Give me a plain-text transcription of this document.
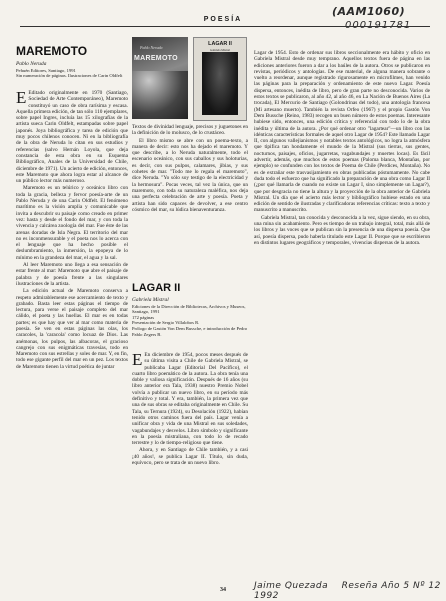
(AAM1060)
POESÍA
MAREMOTO
Pablo Neruda
Pehuén Editores, Santiago, 1991
Sin numeración de páginas. Ilustraciones de Carin Oldfelt
Pablo Neruda
MAREMOTO
LAGAR II
Gabriela Mistral

E Editado originalmente en 1970 (Santiago, Sociedad de Arte Contemporáneo), Maremoto constituyó un caso de obra rarísima y escasa. Aquella primera edición, de tan sólo 110 ejemplares, sobre papel Ingres, incluía las 15 xilografías de la artista sueca Carin Oldfelt, estampadas sobre papel japonés. Joya bibliográfica y tarea de edición que muy pocos chilenos conocen. Ni en la bibliografía de la obra de Neruda lo citan en sus estudios y referencias (salvo Hernán Loyola, que deja constancia de esta obra en su Esquema Bibliográfico, Anales de la Universidad de Chile, diciembre de 1971). Un acierto de edición, entonces, este Maremoto que ahora logra estar al alcance de un público lector más numeroso.

Maremoto es un telúrico y oceánico libro con toda la gracia, belleza y fervor poesía-arte de un Pablo Neruda y de una Carin Oldfelt. El fenómeno marítimo es la visión amplia y comunicable que invita a descubrir su paisaje como creado en primer vez: hasta y desde el fondo del mar, y con toda la vivencia y calcárea zoología del mar. Fue éste de las arenas doradas de Isla Negra. El territorio del mar no es inconmensurable y el poeta nos lo acerca con el lenguaje que ha hecho posible el deslumbramiento, la inmersión, la epopeya de lo mínimo en la grandeza del mar, el agua y la sal.

Al leer Maremoto uno llega a esa sensación de estar frente al mar: Maremoto que abre el paisaje de palabra y de poesía frente a las singulares ilustraciones de la artista.

La edición actual de Maremoto conserva a respeto admirablemente ese acercamiento de texto y grabado. Basta leer estas páginas el tiempo de lectura, para verse el paisaje completo del mar cálido, el poeta y las huellas. El mar es en todas partes; es que hay que ver al mar como materia de poesía. Se ven en estas páginas las olas, los caracoles, la 'caracola' como locuaz de Dios. Las anémonas, los pulpos, las albacoras, el gracioso cangrejo con sus enigmáticas travesías, todo en Maremoto con sus estrellas y soles de mar. Y, en fin, todo ese gigante perfil del mar en un pez. Los textos de Maremoto tienen la virtud poética de juntar

Textos de divinidad lenguaje, precisos y juguetones en la definición de lo molusco, de lo crustáceo.

El libro mismo se abre con un poema-texto, a manera de decir: esto nos ha dejado el maremoto. Y que describe, a lo Neruda naturalmente, todo el escenario oceánico, con sus caballos y sus holoturias, es decir, con sus pulpos, calamares, jibias, y sus cohetes de mar. "Todo me lo regala el maremoto", dice Neruda. "Yo sólo soy testigo de la electricidad y la hermosura". Pocas veces, tal vez la única, que un maremoto, con toda su naturaleza maléfica, nos deja una perfecta celebración de arte y poesía. Poeta y artista han sido capaces de devolver, a ese centro cósmico del mar, su lúdica bienaventuranza.

LAGAR II
Gabriela Mistral
Ediciones de la Dirección de Bibliotecas, Archivos y Museos, Santiago, 1991
172 páginas
Presentación de Sergio Villalobos R.
Prólogo de Gastón Von Dem Bussche, e introducción de Pedro Pablo Zegers B.

E En diciembre de 1954, pocos meses después de su última visita a Chile de Gabriela Mistral, se publicaba Lagar (Editorial Del Pacífico), el cuarto libro poemático de la autora. La obra tenía una doble y valiosa significación. Después de 16 años (su libro anterior era Tala, 1938) nuestro Premio Nobel volvía a publicar un nuevo libro, en su período más definitivo y total. Y era, también, la primera vez que una de sus obras se editaba originalmente en Chile. Su Tala, su Ternura (1924), su Desolación (1922), habían tenido otros caminos fuera del país. Lagar venía a unificar obra y vida de una Mistral en sus soledades, vagabundajes y desvelos. Libro símbolo y significante en la poesía mistraliana, con todo lo de recado terrestre y lo de tiempo-religioso que tiene.

Ahora, y en Santiago de Chile también, y a casi ¡40 años!, se publica Lagar II. Título, sin duda, equívoco, pero se trata de un nuevo libro.

Lagar de 1954. Esto de ordenar sus libros seccionalmente era hábito y oficio en Gabriela Mistral desde muy temprano. Aquellos textos fuera de página en las ediciones anteriores fueron a dar a los baúles de la autora. Otros se publicaron en revistas, periódicos y antologías. De ese material, de alguna manera sobrante o vuelto a reordenar, aunque registrado rigurosamente en microfilmes, han venido las páginas para la preparación y ordenamiento de este nuevo Lagar. Poesía dispersa, entonces, inédita de libro, pero de gran parte no desconocida. Varios de estos textos se publicaron, al año 42, al año 46, en La Nación de Buenos Aires (La trocada), El Mercurio de Santiago (Golondrinas del todo), una antología francesa (Mi artesano muerto). También la revista Orfeo (1967) y el propio Gastón Von Dem Bussche (Reino, 1983) recogen un buen número de estos poemas. Interesante hubiese sido, entonces, una edición crítica y referencial con todo lo de la obra inédita y última de la autora. ¿Por qué ordenar otro "lagartear"—un libro con las idénticas características formales de aquel otro Lagar de 1954? Este llamado Lagar II, con algunos vallejianismos y notables textos antológicos, no logra la atmósfera que tipifica tan hondamente el mundo de la Mistral (sus tierras, sus gentes, nocturnos, paisajes, oficios, jugarretas, vagabundajes y muertes locas). Es fácil advertir, además, que muchos de estos poemas (Paloma blanca, Montañas, por ejemplo) se confunden con los textos de Poema de Chile (Perdices, Montaña). No es de extrañar este trasvasijamiento en obras publicadas póstumamente. No cabe duda todo el esfuerzo que ha significado la preparación de una obra como Lagar II (¿por qué llamarla de cuando no existe un Lagar I, sino simplemente un Lagar?), que por desgracia no tiene la altura y la proyección de la obra anterior de Gabriela Mistral. Un día que el acierto más lector y bibliográfico hubiese estado en una edición de sentido de ilustradas y clarificadoras referencias críticas: texto a texto y manuscrito a manuscrito.

Gabriela Mistral, tan conocida y desconocida a la vez, sigue siendo, en su obra, una mina sin acabamiento. Pero es tiempo de un trabajo integral, total, más allá de los libros y las voces que se publican sin la presencia de una dispersa poesía. Que así, poesía dispersa, pudo haberla titulado este Lagar II. Porque que se escribieron en distintos lugares geográficos y temporales, vivencias dispersas de la autora.

Jaime Quezada Reseña Año 5 Nº 12 1992
34
